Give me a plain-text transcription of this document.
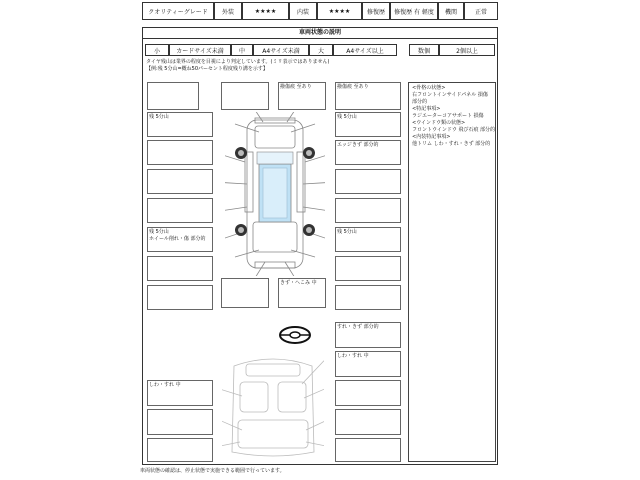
クオリティーグレード	外装	★★★★	内装	★★★★	修復歴	修復歴 有 軽度	機関	正常
車両状態の説明
小	カードサイズ未満	中	A4サイズ未満	大	A4サイズ以上	数個	2個以上
タイヤ残山は業界の程度を目視により判定しています。(ミリ表示ではありません)
【例:残 5分山=概ね50パーセント程度残り溝を示す】
<骨格の状態>
右フロントインサイドパネル 損傷
部分的
<特記事項>
ラジエーターコアサポート 損傷
<ウインドウ類の状態>
フロントウインドウ 飛び石痕 部分的
<内装特記事項>
他トリム しわ・すれ・きず 部分的
撥傷痕 至あり	撥傷痕 至あり
残 5分山	残 5分山
エッジきず 部分的
残 5分山
ホイール削れ・傷 部分的
残 5分山
きず・へこみ 中
すれ・きず 部分的
しわ・すれ 中
しわ・すれ 中
車両状態の確認は、停止状態で実施できる範囲で行っています。
